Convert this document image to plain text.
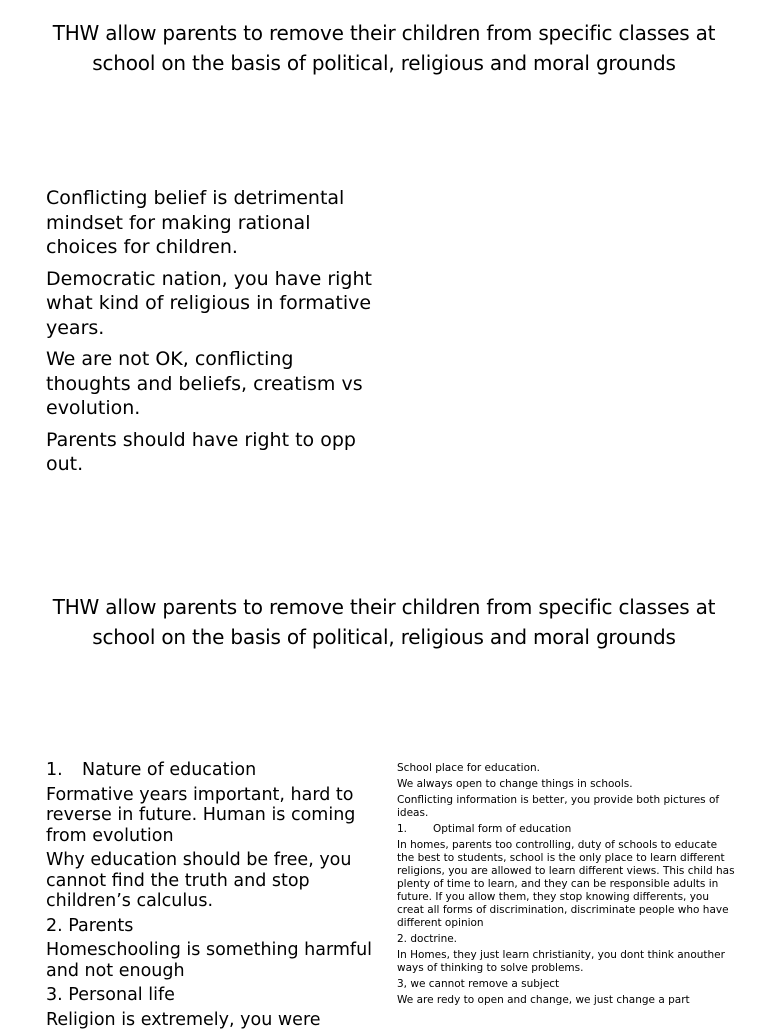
THW allow parents to remove their children from specific classes at school on the basis of political, religious and moral grounds

Conflicting belief is detrimental mindset for making rational choices for children.

Democratic nation, you have right what kind of religious in formative years.

We are not OK, conflicting thoughts and beliefs, creatism vs evolution.

Parents should have right to opp out.

THW allow parents to remove their children from specific classes at school on the basis of political, religious and moral grounds

1. Nature of education

Formative years important, hard to reverse in future. Human is coming from evolution

Why education should be free, you cannot find the truth and stop children’s calculus.

2. Parents

Homeschooling is something harmful and not enough

3. Personal life

Religion is extremely, you were

School place for education.

We always open to change things in schools.

Conflicting information is better, you provide both pictures of ideas.

1. Optimal form of education

In homes, parents too controlling, duty of schools to educate the best to students, school is the only place to learn different religions, you are allowed to learn different views. This child has plenty of time to learn, and they can be responsible adults in future. If you allow them, they stop knowing differents, you creat all forms of discrimination, discriminate people who have different opinion

2. doctrine.

In Homes, they just learn christianity, you dont think anouther ways of thinking to solve problems.

3, we cannot remove a subject

We are redy to open and change, we just change a part
